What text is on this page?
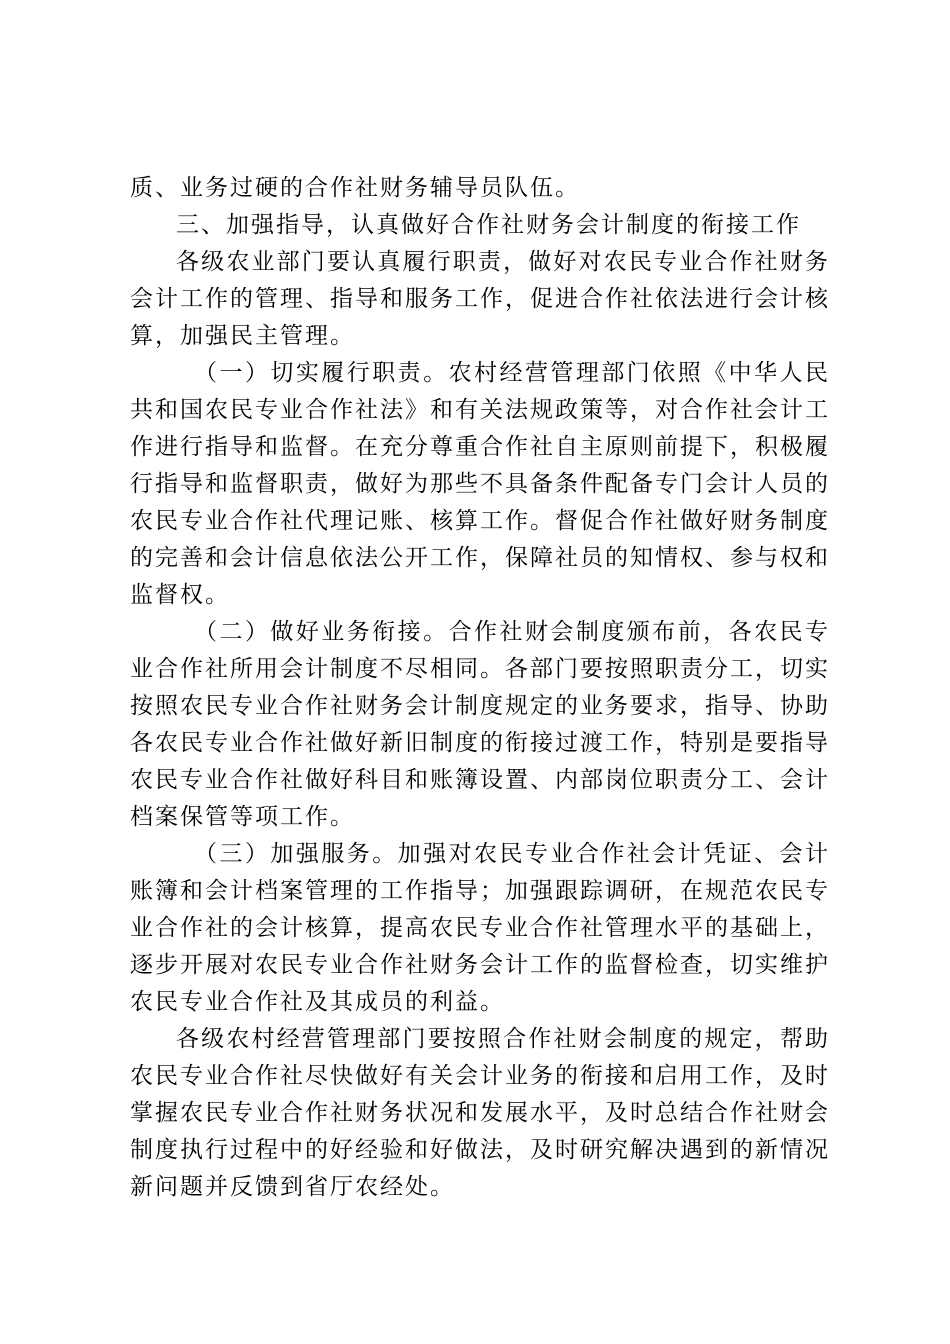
质、业务过硬的合作社财务辅导员队伍。

三、加强指导，认真做好合作社财务会计制度的衔接工作

各级农业部门要认真履行职责，做好对农民专业合作社财务会计工作的管理、指导和服务工作，促进合作社依法进行会计核算，加强民主管理。

（一）切实履行职责。农村经营管理部门依照《中华人民共和国农民专业合作社法》和有关法规政策等，对合作社会计工作进行指导和监督。在充分尊重合作社自主原则前提下，积极履行指导和监督职责，做好为那些不具备条件配备专门会计人员的农民专业合作社代理记账、核算工作。督促合作社做好财务制度的完善和会计信息依法公开工作，保障社员的知情权、参与权和监督权。

（二）做好业务衔接。合作社财会制度颁布前，各农民专业合作社所用会计制度不尽相同。各部门要按照职责分工，切实按照农民专业合作社财务会计制度规定的业务要求，指导、协助各农民专业合作社做好新旧制度的衔接过渡工作，特别是要指导农民专业合作社做好科目和账簿设置、内部岗位职责分工、会计档案保管等项工作。

（三）加强服务。加强对农民专业合作社会计凭证、会计账簿和会计档案管理的工作指导；加强跟踪调研，在规范农民专业合作社的会计核算，提高农民专业合作社管理水平的基础上，逐步开展对农民专业合作社财务会计工作的监督检查，切实维护农民专业合作社及其成员的利益。

各级农村经营管理部门要按照合作社财会制度的规定，帮助农民专业合作社尽快做好有关会计业务的衔接和启用工作，及时掌握农民专业合作社财务状况和发展水平，及时总结合作社财会制度执行过程中的好经验和好做法，及时研究解决遇到的新情况新问题并反馈到省厅农经处。
